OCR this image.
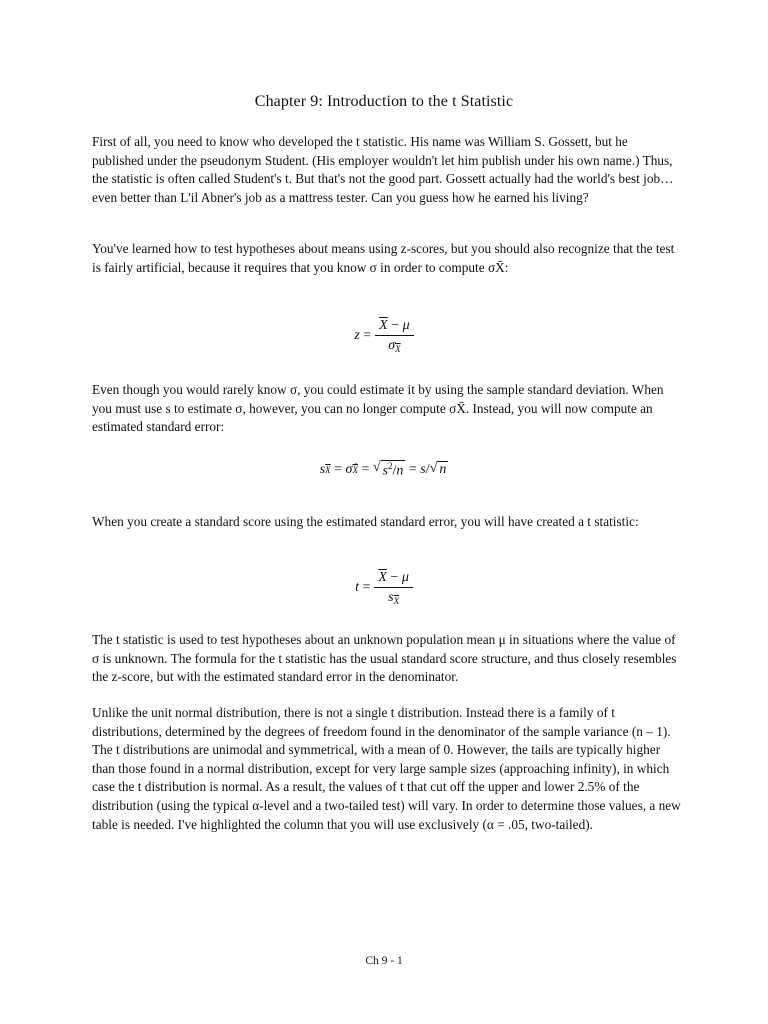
Chapter 9: Introduction to the t Statistic
First of all, you need to know who developed the t statistic. His name was William S. Gossett, but he published under the pseudonym Student. (His employer wouldn't let him publish under his own name.) Thus, the statistic is often called Student's t. But that's not the good part. Gossett actually had the world's best job… even better than L'il Abner's job as a mattress tester. Can you guess how he earned his living?
You've learned how to test hypotheses about means using z-scores, but you should also recognize that the test is fairly artificial, because it requires that you know σ in order to compute σX̄:
$z = \frac{\overline{X} - \mu}{\sigma_{\overline{X}}}$
Even though you would rarely know σ, you could estimate it by using the sample standard deviation. When you must use s to estimate σ, however, you can no longer compute σX̄. Instead, you will now compute an estimated standard error:
s $\overline{X}$ = σ̂ $\overline{X}$ = √ $s^2/n = s$ / √ n
When you create a standard score using the estimated standard error, you will have created a t statistic:
$t = \frac{\overline{X} - \mu}{s_{\overline{X}}}$
The t statistic is used to test hypotheses about an unknown population mean μ in situations where the value of σ is unknown. The formula for the t statistic has the usual standard score structure, and thus closely resembles the z-score, but with the estimated standard error in the denominator.
Unlike the unit normal distribution, there is not a single t distribution. Instead there is a family of t distributions, determined by the degrees of freedom found in the denominator of the sample variance (n – 1). The t distributions are unimodal and symmetrical, with a mean of 0. However, the tails are typically higher than those found in a normal distribution, except for very large sample sizes (approaching infinity), in which case the t distribution is normal. As a result, the values of t that cut off the upper and lower 2.5% of the distribution (using the typical α-level and a two-tailed test) will vary. In order to determine those values, a new table is needed. I've highlighted the column that you will use exclusively (α = .05, two-tailed).
Ch 9 - 1
